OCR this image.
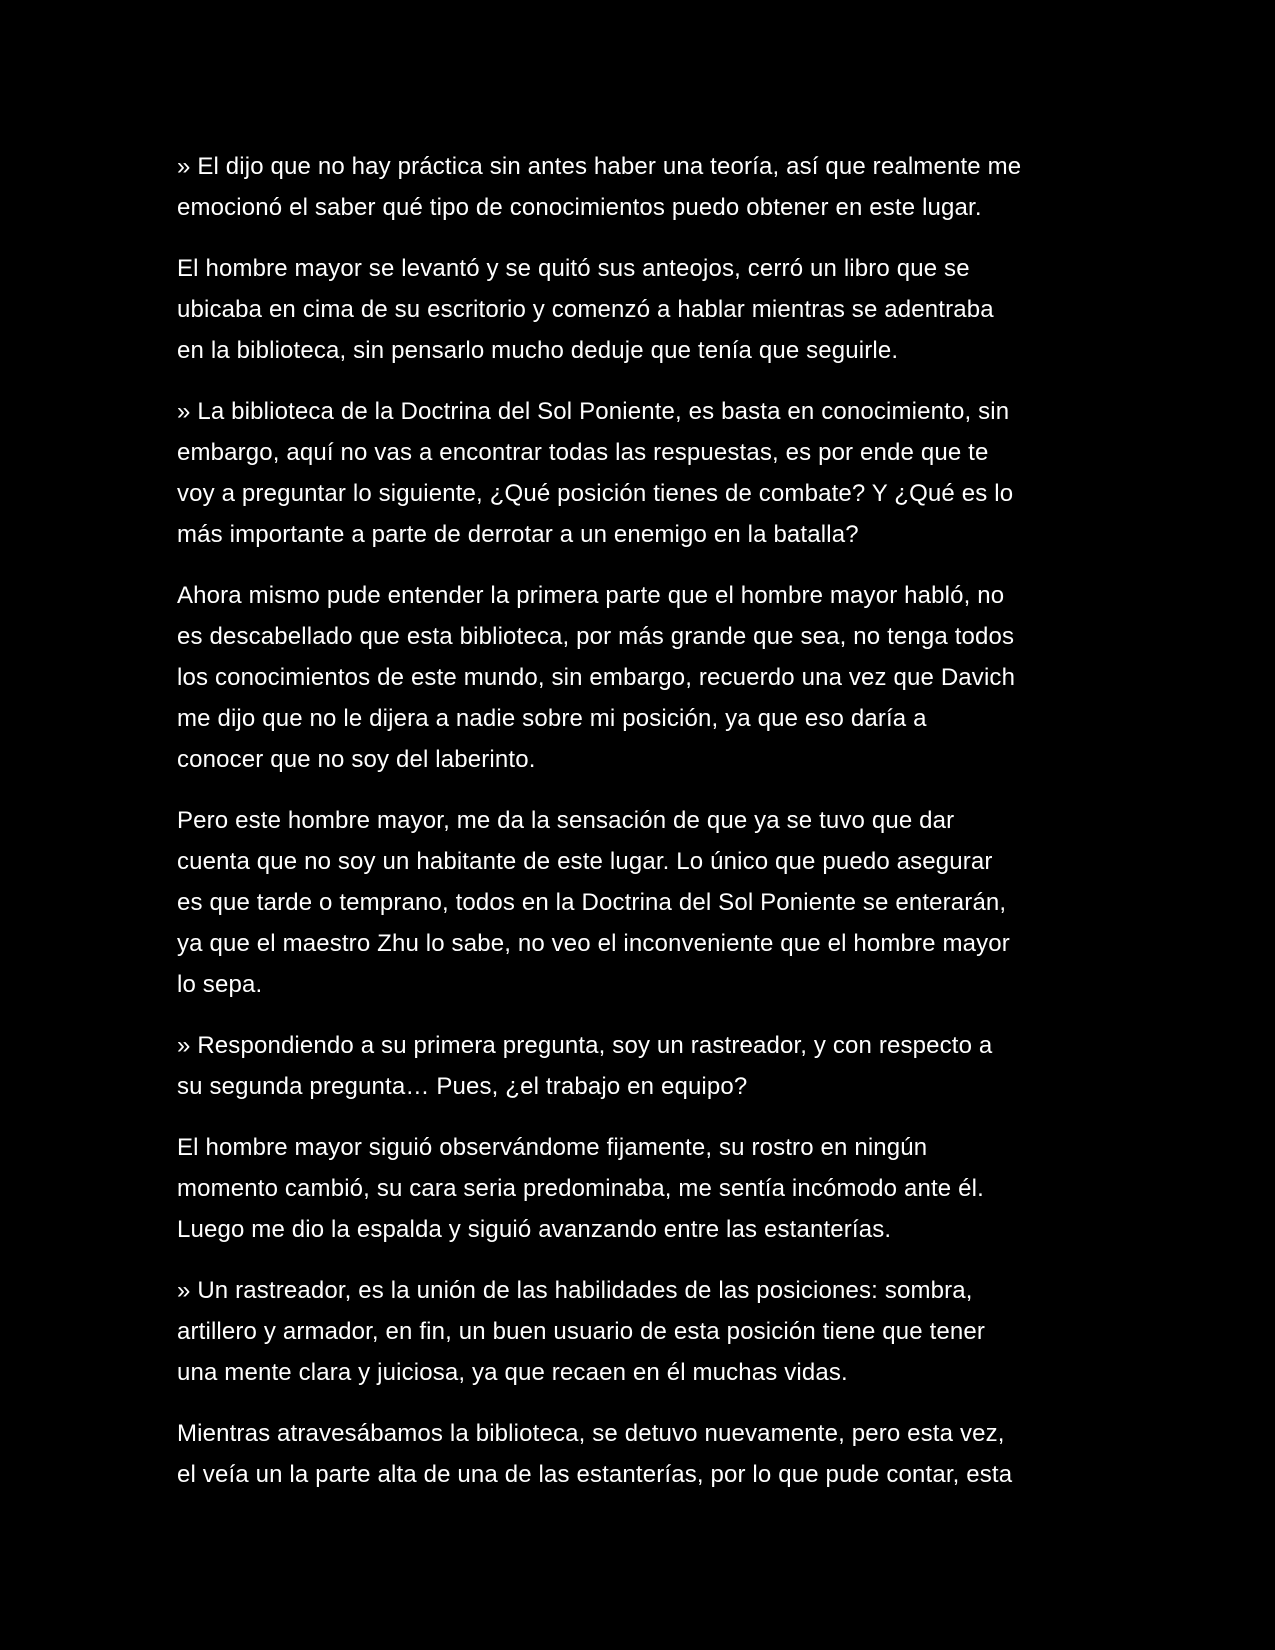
» El dijo que no hay práctica sin antes haber una teoría, así que realmente me
emocionó el saber qué tipo de conocimientos puedo obtener en este lugar.

El hombre mayor se levantó y se quitó sus anteojos, cerró un libro que se
ubicaba en cima de su escritorio y comenzó a hablar mientras se adentraba
en la biblioteca, sin pensarlo mucho deduje que tenía que seguirle.

» La biblioteca de la Doctrina del Sol Poniente, es basta en conocimiento, sin
embargo, aquí no vas a encontrar todas las respuestas, es por ende que te
voy a preguntar lo siguiente, ¿Qué posición tienes de combate? Y ¿Qué es lo
más importante a parte de derrotar a un enemigo en la batalla?

Ahora mismo pude entender la primera parte que el hombre mayor habló, no
es descabellado que esta biblioteca, por más grande que sea, no tenga todos
los conocimientos de este mundo, sin embargo, recuerdo una vez que Davich
me dijo que no le dijera a nadie sobre mi posición, ya que eso daría a
conocer que no soy del laberinto.

Pero este hombre mayor, me da la sensación de que ya se tuvo que dar
cuenta que no soy un habitante de este lugar. Lo único que puedo asegurar
es que tarde o temprano, todos en la Doctrina del Sol Poniente se enterarán,
ya que el maestro Zhu lo sabe, no veo el inconveniente que el hombre mayor
lo sepa.

» Respondiendo a su primera pregunta, soy un rastreador, y con respecto a
su segunda pregunta… Pues, ¿el trabajo en equipo?

El hombre mayor siguió observándome fijamente, su rostro en ningún
momento cambió, su cara seria predominaba, me sentía incómodo ante él.
Luego me dio la espalda y siguió avanzando entre las estanterías.

» Un rastreador, es la unión de las habilidades de las posiciones: sombra,
artillero y armador, en fin, un buen usuario de esta posición tiene que tener
una mente clara y juiciosa, ya que recaen en él muchas vidas.

Mientras atravesábamos la biblioteca, se detuvo nuevamente, pero esta vez,
el veía un la parte alta de una de las estanterías, por lo que pude contar, esta
